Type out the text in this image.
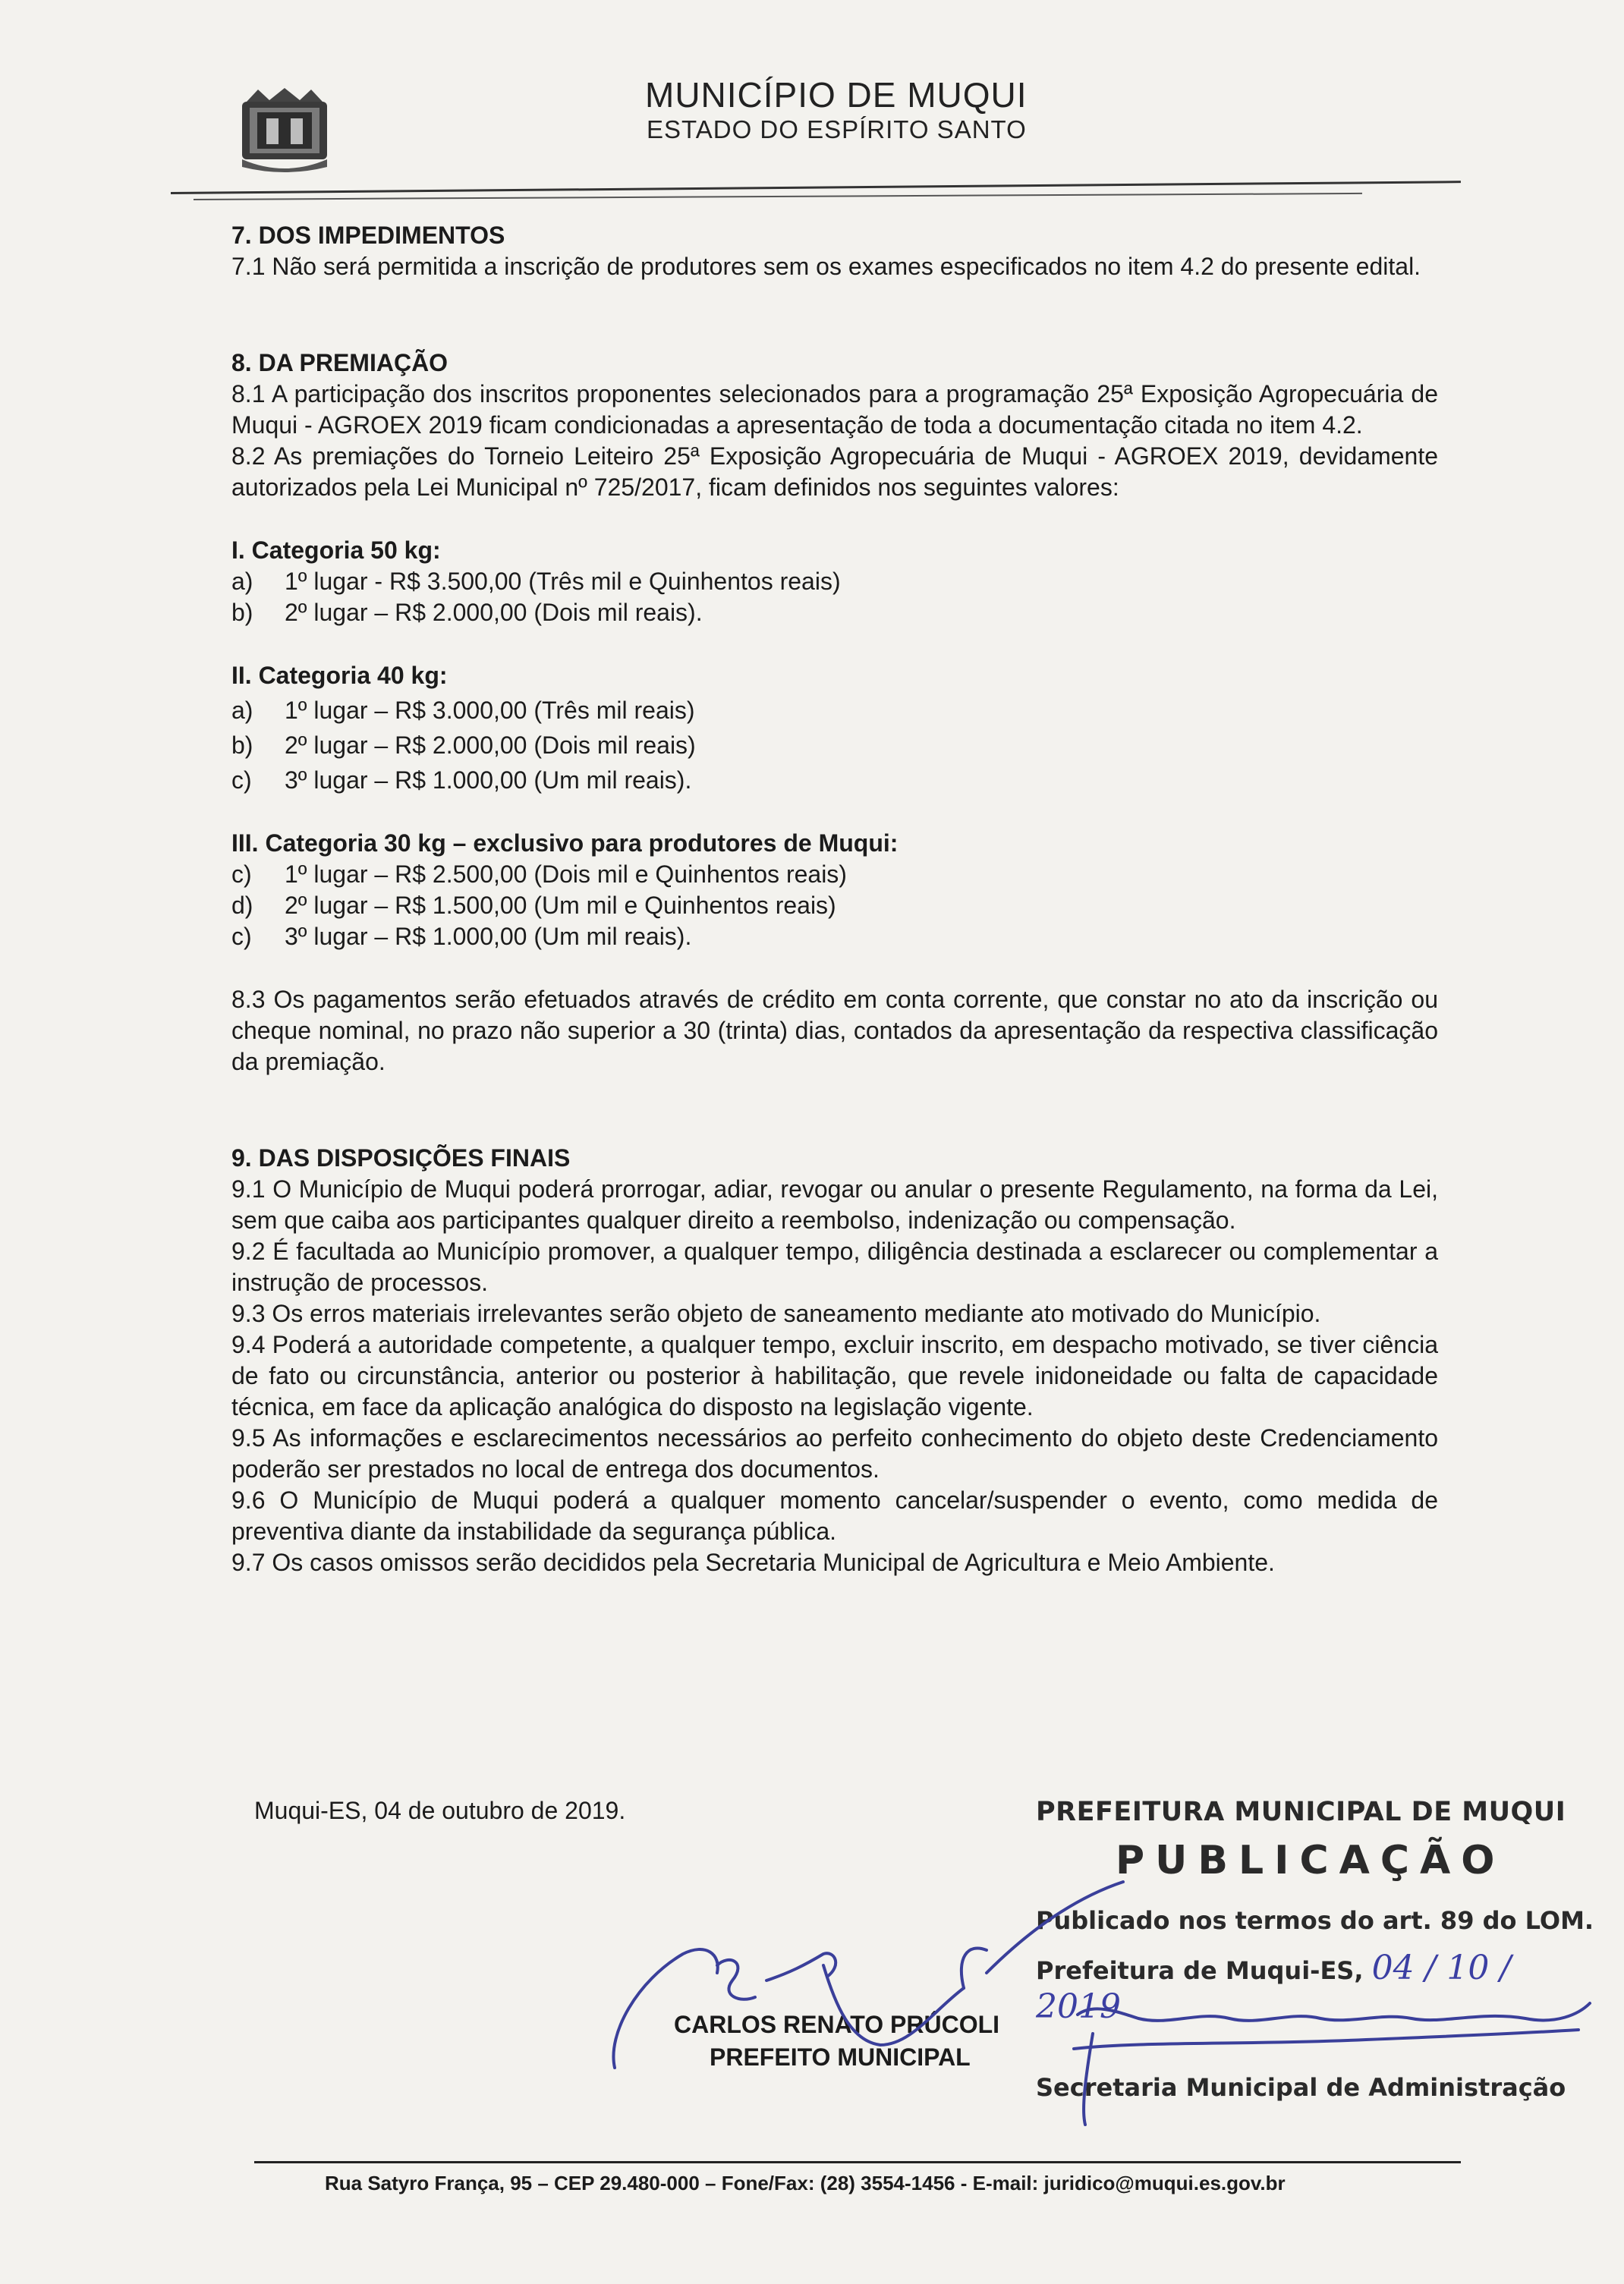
MUNICÍPIO DE MUQUI
ESTADO DO ESPÍRITO SANTO

7. DOS IMPEDIMENTOS

7.1 Não será permitida a inscrição de produtores sem os exames especificados no item 4.2 do presente edital.

8. DA PREMIAÇÃO

8.1 A participação dos inscritos proponentes selecionados para a programação 25ª Exposição Agropecuária de Muqui - AGROEX 2019 ficam condicionadas a apresentação de toda a documentação citada no item 4.2.

8.2 As premiações do Torneio Leiteiro 25ª Exposição Agropecuária de Muqui - AGROEX 2019, devidamente autorizados pela Lei Municipal nº 725/2017, ficam definidos nos seguintes valores:

I. Categoria 50 kg:

a)	1º lugar - R$ 3.500,00 (Três mil e Quinhentos reais)
b)	2º lugar – R$ 2.000,00 (Dois mil reais).

II. Categoria 40 kg:

a)	1º lugar – R$ 3.000,00 (Três mil reais)
b)	2º lugar – R$ 2.000,00 (Dois mil reais)
c)	3º lugar – R$ 1.000,00 (Um mil reais).

III. Categoria 30 kg – exclusivo para produtores de Muqui:

c)	1º lugar – R$ 2.500,00 (Dois mil e Quinhentos reais)
d)	2º lugar – R$ 1.500,00 (Um mil e Quinhentos reais)
c)	3º lugar – R$ 1.000,00 (Um mil reais).

8.3 Os pagamentos serão efetuados através de crédito em conta corrente, que constar no ato da inscrição ou cheque nominal, no prazo não superior a 30 (trinta) dias, contados da apresentação da respectiva classificação da premiação.

9. DAS DISPOSIÇÕES FINAIS

9.1 O Município de Muqui poderá prorrogar, adiar, revogar ou anular o presente Regulamento, na forma da Lei, sem que caiba aos participantes qualquer direito a reembolso, indenização ou compensação.

9.2 É facultada ao Município promover, a qualquer tempo, diligência destinada a esclarecer ou complementar a instrução de processos.

9.3 Os erros materiais irrelevantes serão objeto de saneamento mediante ato motivado do Município.

9.4 Poderá a autoridade competente, a qualquer tempo, excluir inscrito, em despacho motivado, se tiver ciência de fato ou circunstância, anterior ou posterior à habilitação, que revele inidoneidade ou falta de capacidade técnica, em face da aplicação analógica do disposto na legislação vigente.

9.5 As informações e esclarecimentos necessários ao perfeito conhecimento do objeto deste Credenciamento poderão ser prestados no local de entrega dos documentos.

9.6 O Município de Muqui poderá a qualquer momento cancelar/suspender o evento, como medida de preventiva diante da instabilidade da segurança pública.

9.7 Os casos omissos serão decididos pela Secretaria Municipal de Agricultura e Meio Ambiente.

Muqui-ES, 04 de outubro de 2019.	PREFEITURA MUNICIPAL DE MUQUI
PUBLICAÇÃO
Publicado nos termos do art. 89 do LOM.
Prefeitura de Muqui-ES, 04 / 10 / 2019
Secretaria Municipal de Administração
CARLOS RENATO PRÚCOLI
PREFEITO MUNICIPAL
Rua Satyro França, 95 – CEP 29.480-000 – Fone/Fax: (28) 3554-1456 - E-mail: juridico@muqui.es.gov.br
